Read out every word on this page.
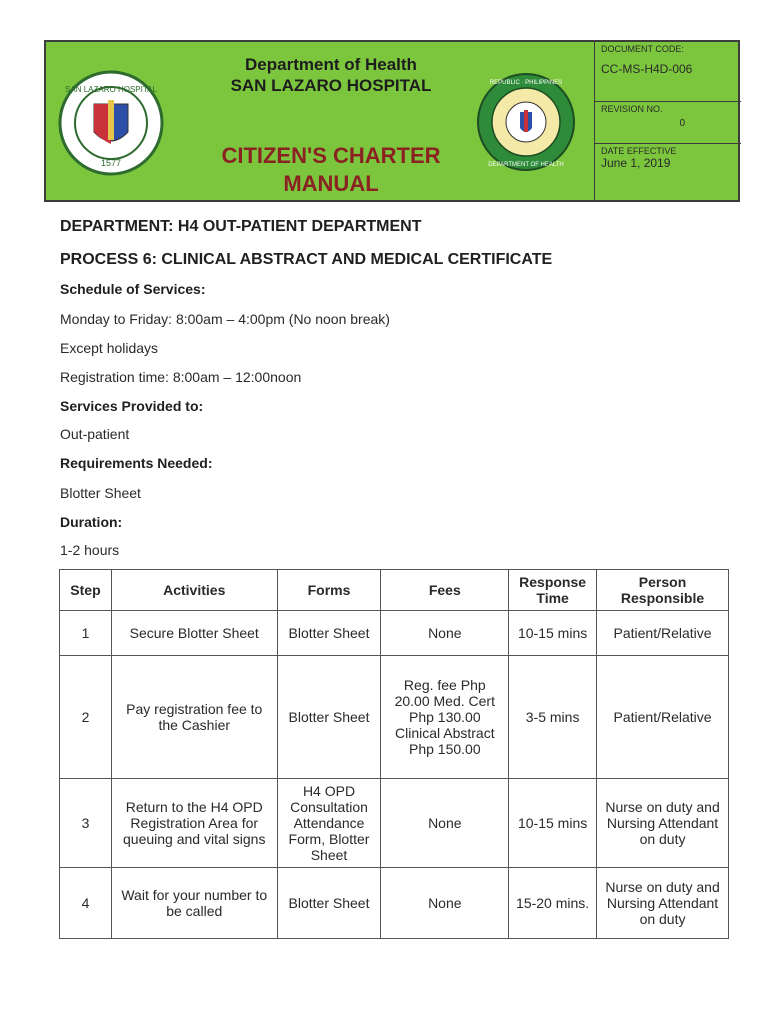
SAN LAZARO HOSPITAL
1577
Department of Health
SAN LAZARO HOSPITAL
CITIZEN'S CHARTER
MANUAL
REPUBLIC · PHILIPPINES
DEPARTMENT OF HEALTH
DOCUMENT CODE:
CC-MS-H4D-006
REVISION NO.
0
DATE EFFECTIVE
June 1, 2019
DEPARTMENT: H4 OUT-PATIENT DEPARTMENT
PROCESS 6: CLINICAL ABSTRACT AND MEDICAL CERTIFICATE
Schedule of Services:
Monday to Friday: 8:00am – 4:00pm (No noon break)
Except holidays
Registration time: 8:00am – 12:00noon
Services Provided to:
Out-patient
Requirements Needed:
Blotter Sheet
Duration:
1-2 hours
Step	Activities	Forms	Fees	Response Time	Person Responsible
1	Secure Blotter Sheet	Blotter Sheet	None	10-15 mins	Patient/Relative
2	Pay registration fee to the Cashier	Blotter Sheet	Reg. fee Php 20.00 Med. Cert Php 130.00 Clinical Abstract Php 150.00	3-5 mins	Patient/Relative
3	Return to the H4 OPD Registration Area for queuing and vital signs	H4 OPD Consultation Attendance Form, Blotter Sheet	None	10-15 mins	Nurse on duty and Nursing Attendant on duty
4	Wait for your number to be called	Blotter Sheet	None	15-20 mins.	Nurse on duty and Nursing Attendant on duty
